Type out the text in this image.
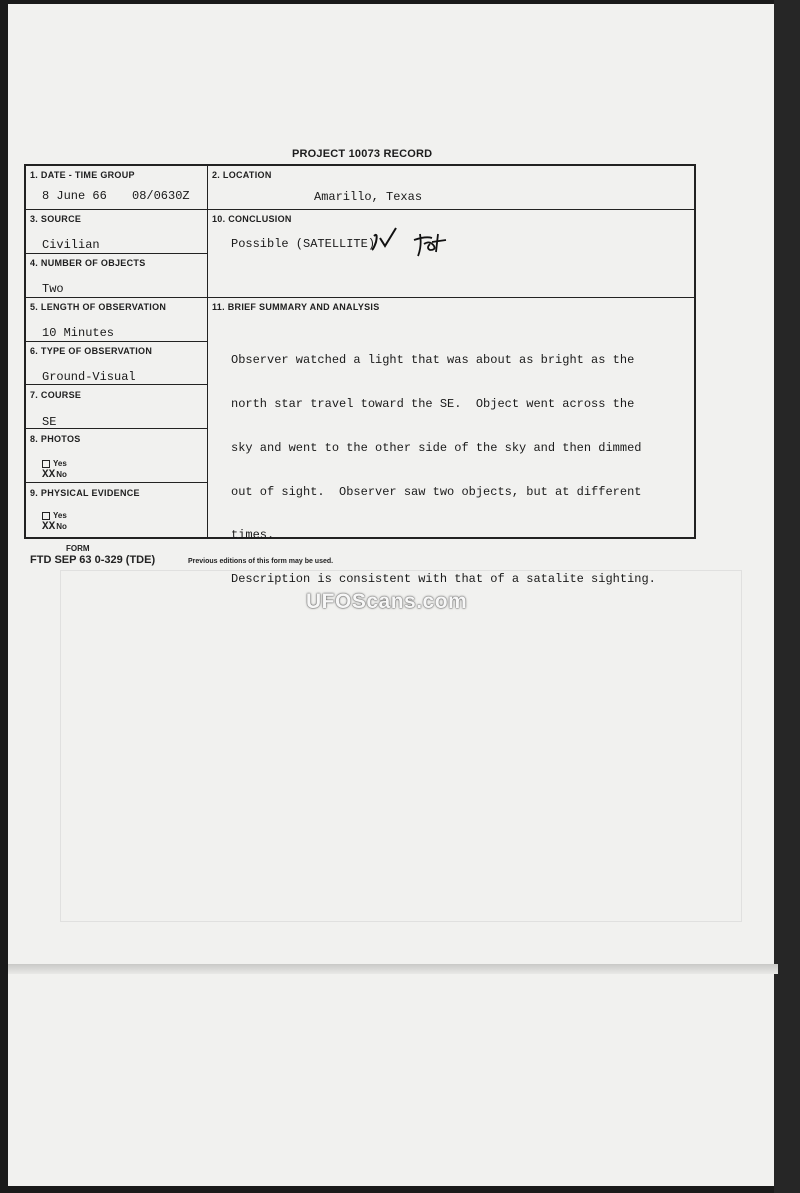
PROJECT 10073 RECORD
1. DATE - TIME GROUP
8 June 66 08/0630Z
2. LOCATION
Amarillo, Texas
3. SOURCE
Civilian
4. NUMBER OF OBJECTS
Two
10. CONCLUSION
Possible (SATELLITE)
5. LENGTH OF OBSERVATION
10 Minutes
6. TYPE OF OBSERVATION
Ground-Visual
7. COURSE
SE
8. PHOTOS
Yes
XXNo
9. PHYSICAL EVIDENCE
Yes
XXNo
11. BRIEF SUMMARY AND ANALYSIS

Observer watched a light that was about as bright as the

north star travel toward the SE.  Object went across the

sky and went to the other side of the sky and then dimmed

out of sight.  Observer saw two objects, but at different

times.

Description is consistent with that of a satalite sighting.

FORM
FTD SEP 63 0-329 (TDE)	Previous editions of this form may be used.
UFOScans.com
